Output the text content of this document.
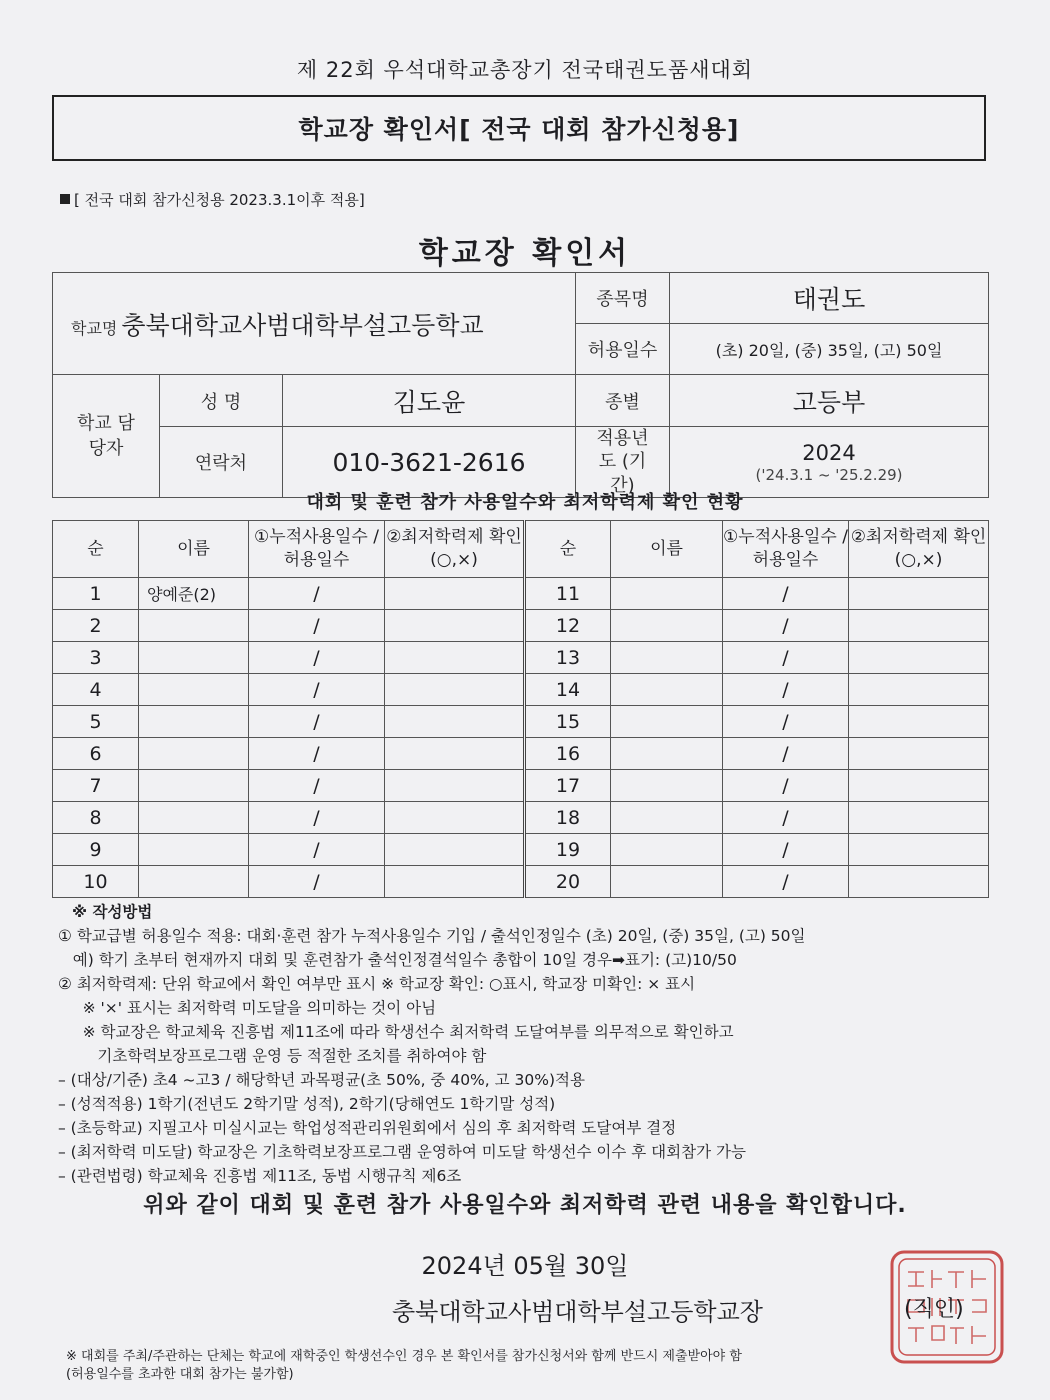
제 22회 우석대학교총장기 전국태권도품새대회
학교장 확인서[ 전국 대회 참가신청용]
[ 전국 대회 참가신청용 2023.3.1이후 적용]
학교장 확인서
학교명 충북대학교사범대학부설고등학교			종목명	태권도
			허용일수	(초) 20일, (중) 35일, (고) 50일
학교 담당자	성 명	김도윤	종별	고등부
	연락처	010-3621-2616	적용년도 (기간)	2024
('24.3.1 ~ '25.2.29)
대회 및 훈련 참가 사용일수와 최저학력제 확인 현황
순	이름	①누적사용일수 /허용일수	②최저학력제 확인(○,×)	순	이름	①누적사용일수 /허용일수	②최저학력제 확인(○,×)
1	양예준(2)	/		11		/	
2		/		12		/	
3		/		13		/	
4		/		14		/	
5		/		15		/	
6		/		16		/	
7		/		17		/	
8		/		18		/	
9		/		19		/	
10		/		20		/	
※ 작성방법
① 학교급별 허용일수 적용: 대회·훈련 참가 누적사용일수 기입 / 출석인정일수 (초) 20일, (중) 35일, (고) 50일
예) 학기 초부터 현재까지 대회 및 훈련참가 출석인정결석일수 총합이 10일 경우➡표기: (고)10/50
② 최저학력제: 단위 학교에서 확인 여부만 표시 ※ 학교장 확인: ○표시, 학교장 미확인: × 표시
※ '×' 표시는 최저학력 미도달을 의미하는 것이 아님
※ 학교장은 학교체육 진흥법 제11조에 따라 학생선수 최저학력 도달여부를 의무적으로 확인하고
기초학력보장프로그램 운영 등 적절한 조치를 취하여야 함
– (대상/기준) 초4 ~고3 / 해당학년 과목평균(초 50%, 중 40%, 고 30%)적용
– (성적적용) 1학기(전년도 2학기말 성적), 2학기(당해연도 1학기말 성적)
– (초등학교) 지필고사 미실시교는 학업성적관리위원회에서 심의 후 최저학력 도달여부 결정
– (최저학력 미도달) 학교장은 기초학력보장프로그램 운영하여 미도달 학생선수 이수 후 대회참가 가능
– (관련법령) 학교체육 진흥법 제11조, 동법 시행규칙 제6조
위와 같이 대회 및 훈련 참가 사용일수와 최저학력 관련 내용을 확인합니다.
2024년 05월 30일
충북대학교사범대학부설고등학교장	(직인)
※ 대회를 주최/주관하는 단체는 학교에 재학중인 학생선수인 경우 본 확인서를 참가신청서와 함께 반드시 제출받아야 함
(허용일수를 초과한 대회 참가는 불가함)
